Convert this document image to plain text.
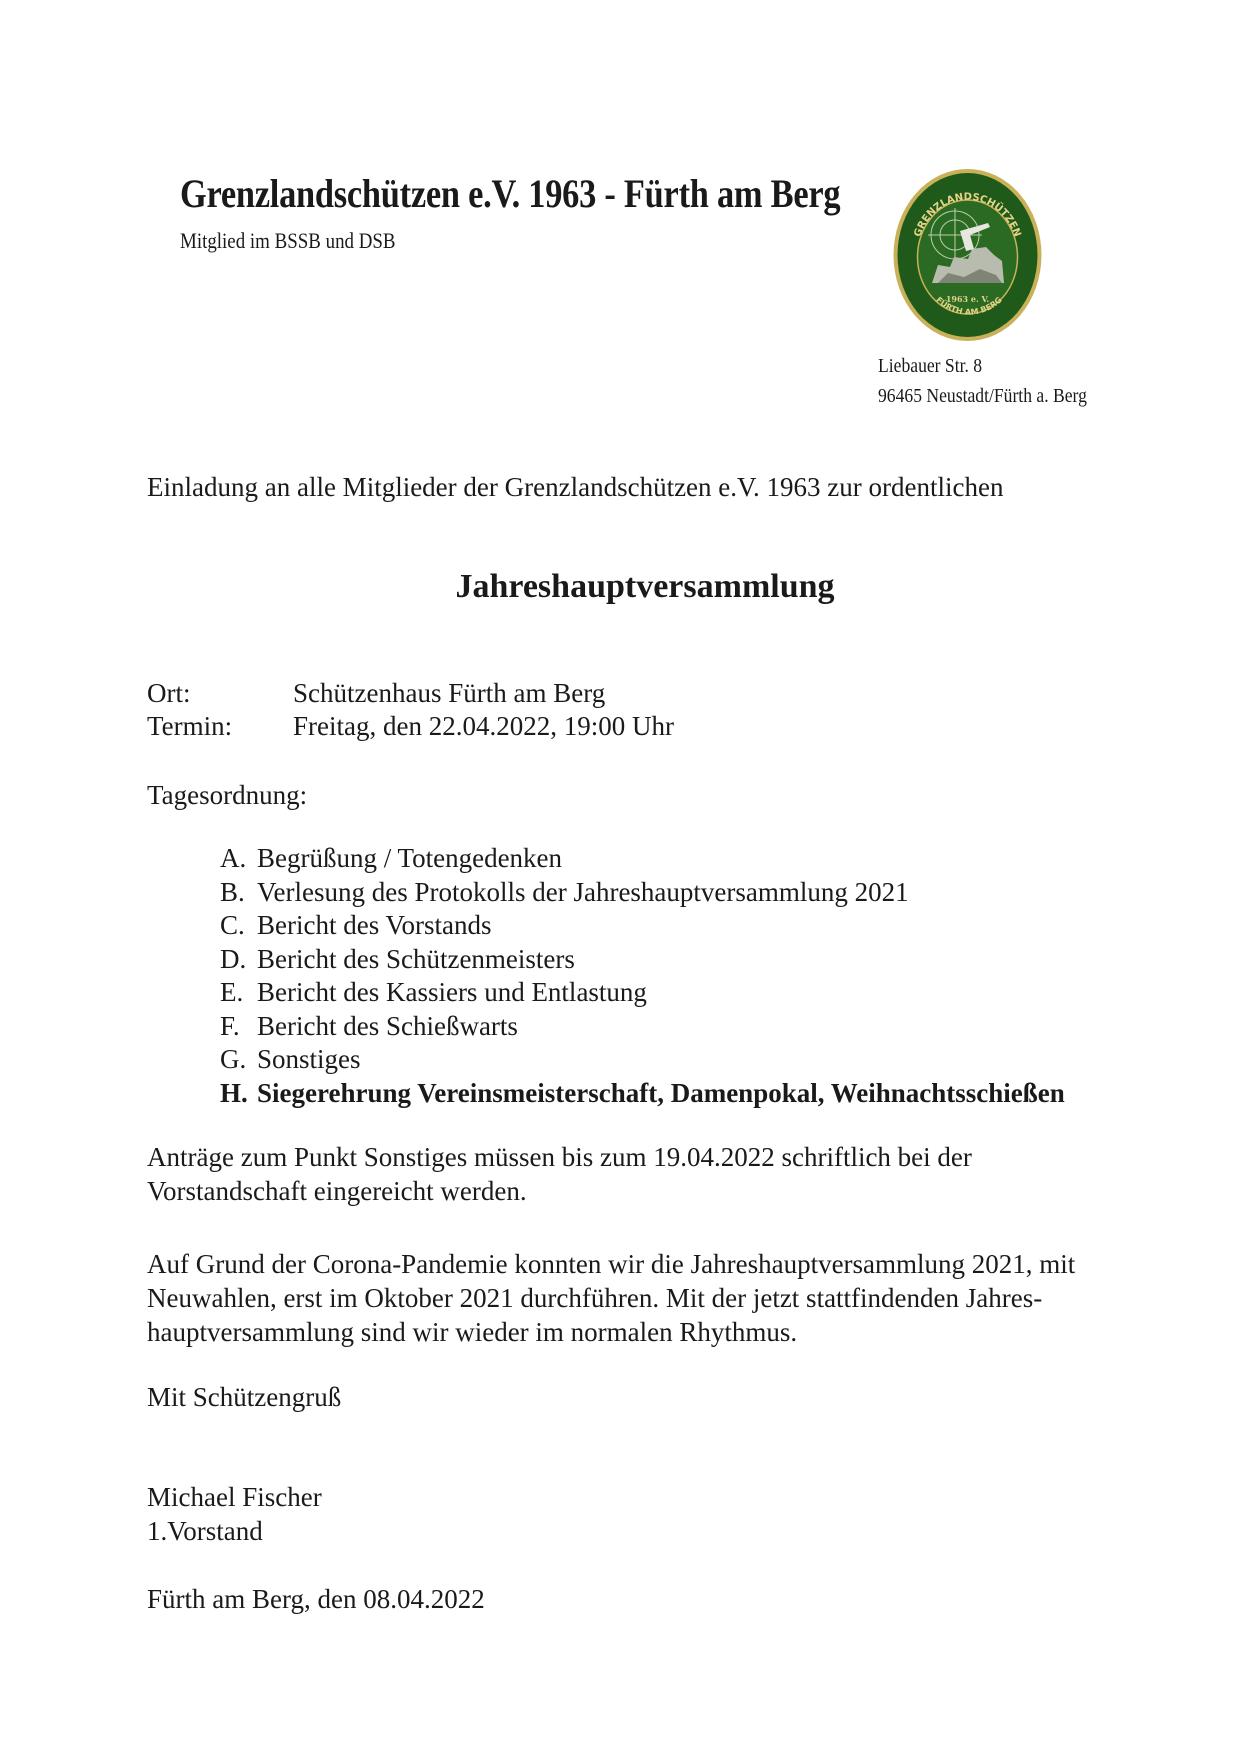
Grenzlandschützen e.V. 1963 - Fürth am Berg
Mitglied im BSSB und DSB	GRENZLANDSCHÜTZEN
1963 e. V.
FÜRTH AM BERG
Liebauer Str. 8
96465 Neustadt/Fürth a. Berg
Einladung an alle Mitglieder der Grenzlandschützen e.V. 1963 zur ordentlichen
Jahreshauptversammlung
Ort:	Schützenhaus Fürth am Berg
Termin: Freitag, den 22.04.2022, 19:00 Uhr
Tagesordnung:
A. Begrüßung / Totengedenken
B. Verlesung des Protokolls der Jahreshauptversammlung 2021
C. Bericht des Vorstands
D. Bericht des Schützenmeisters
E. Bericht des Kassiers und Entlastung
F. Bericht des Schießwarts
G. Sonstiges
H. Siegerehrung Vereinsmeisterschaft, Damenpokal, Weihnachtsschießen
Anträge zum Punkt Sonstiges müssen bis zum 19.04.2022 schriftlich bei der
Vorstandschaft eingereicht werden.
Auf Grund der Corona-Pandemie konnten wir die Jahreshauptversammlung 2021, mit
Neuwahlen, erst im Oktober 2021 durchführen. Mit der jetzt stattfindenden Jahres-
hauptversammlung sind wir wieder im normalen Rhythmus.
Mit Schützengruß
Michael Fischer
1.Vorstand
Fürth am Berg, den 08.04.2022
